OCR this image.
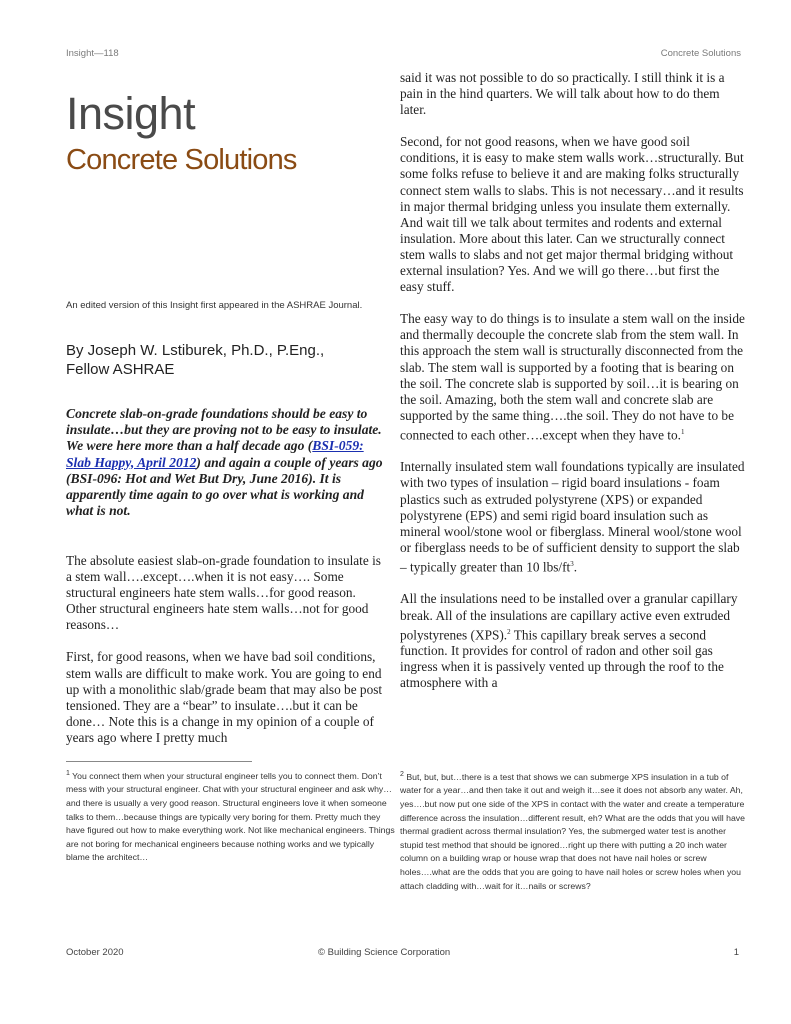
Insight—118	Concrete Solutions
Insight
Concrete Solutions
An edited version of this Insight first appeared in the ASHRAE Journal.
By Joseph W. Lstiburek, Ph.D., P.Eng.,
Fellow ASHRAE
Concrete slab-on-grade foundations should be easy to insulate…but they are proving not to be easy to insulate. We were here more than a half decade ago (BSI-059: Slab Happy, April 2012) and again a couple of years ago (BSI-096: Hot and Wet But Dry, June 2016). It is apparently time again to go over what is working and what is not.

The absolute easiest slab-on-grade foundation to insulate is a stem wall….except….when it is not easy…. Some structural engineers hate stem walls…for good reason. Other structural engineers hate stem walls…not for good reasons…

First, for good reasons, when we have bad soil conditions, stem walls are difficult to make work. You are going to end up with a monolithic slab/grade beam that may also be post tensioned. They are a “bear” to insulate….but it can be done… Note this is a change in my opinion of a couple of years ago where I pretty much

said it was not possible to do so practically. I still think it is a pain in the hind quarters. We will talk about how to do them later.

Second, for not good reasons, when we have good soil conditions, it is easy to make stem walls work…structurally. But some folks refuse to believe it and are making folks structurally connect stem walls to slabs. This is not necessary…and it results in major thermal bridging unless you insulate them externally. And wait till we talk about termites and rodents and external insulation. More about this later. Can we structurally connect stem walls to slabs and not get major thermal bridging without external insulation? Yes. And we will go there…but first the easy stuff.

The easy way to do things is to insulate a stem wall on the inside and thermally decouple the concrete slab from the stem wall. In this approach the stem wall is structurally disconnected from the slab. The stem wall is supported by a footing that is bearing on the soil. The concrete slab is supported by soil…it is bearing on the soil. Amazing, both the stem wall and concrete slab are supported by the same thing….the soil. They do not have to be connected to each other….except when they have to.$^1$

Internally insulated stem wall foundations typically are insulated with two types of insulation – rigid board insulations - foam plastics such as extruded polystyrene (XPS) or expanded polystyrene (EPS) and semi rigid board insulation such as mineral wool/stone wool or fiberglass. Mineral wool/stone wool or fiberglass needs to be of sufficient density to support the slab – typically greater than 10 lbs/$ft^3$.

All the insulations need to be installed over a granular capillary break. All of the insulations are capillary active even extruded polystyrenes (XPS).$^2$ This capillary break serves a second function. It provides for control of radon and other soil gas ingress when it is passively vented up through the roof to the atmosphere with a

$^1$ You connect them when your structural engineer tells you to connect them. Don’t mess with your structural engineer. Chat with your structural engineer and ask why…and there is usually a very good reason. Structural engineers love it when someone talks to them…because things are typically very boring for them. Pretty much they have figured out how to make everything work. Not like mechanical engineers. Things are not boring for mechanical engineers because nothing works and we typically blame the architect…
$^2$ But, but, but…there is a test that shows we can submerge XPS insulation in a tub of water for a year…and then take it out and weigh it…see it does not absorb any water. Ah, yes….but now put one side of the XPS in contact with the water and create a temperature difference across the insulation…different result, eh? What are the odds that you will have thermal gradient across thermal insulation? Yes, the submerged water test is another stupid test method that should be ignored…right up there with putting a 20 inch water column on a building wrap or house wrap that does not have nail holes or screw holes….what are the odds that you are going to have nail holes or screw holes when you attach cladding with…wait for it…nails or screws?
October 2020	© Building Science Corporation	1
